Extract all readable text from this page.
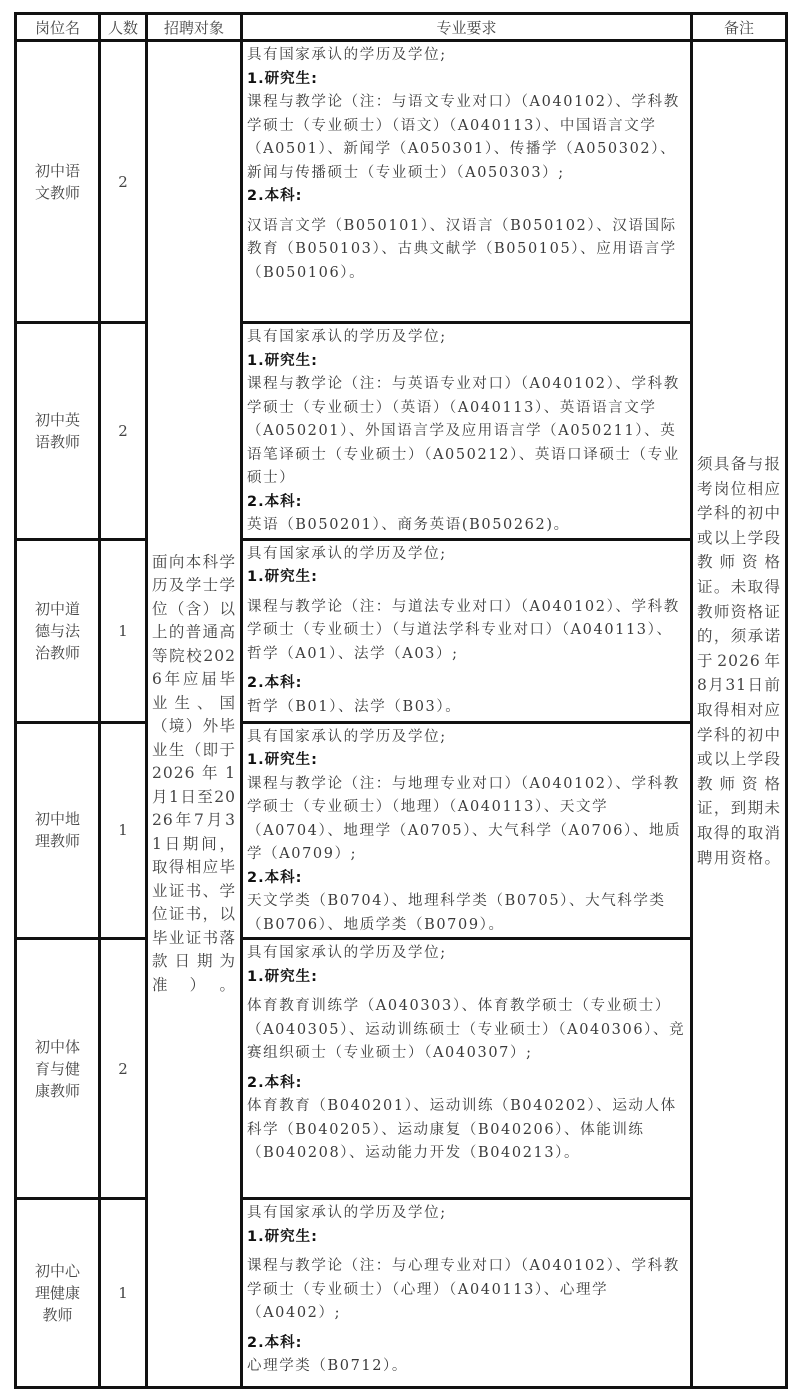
岗位名	人数	招聘对象	专业要求	备注
初中语文教师	2	面向本科学历及学士学位（含）以上的普通高等院校2026年应届毕业生、国（境）外毕业生（即于2026年1月1日至2026年7月31日期间，取得相应毕业证书、学位证书，以毕业证书落款日期为准）。	具有国家承认的学历及学位;
1.研究生:
课程与教学论（注：与语文专业对口）（A040102）、学科教学硕士（专业硕士）（语文）（A040113）、中国语言文学（A0501）、新闻学（A050301）、传播学（A050302）、新闻与传播硕士（专业硕士）（A050303）;
2.本科:
汉语言文学（B050101）、汉语言（B050102）、汉语国际教育（B050103）、古典文献学（B050105）、应用语言学（B050106）。	须具备与报考岗位相应学科的初中或以上学段教师资格证。未取得教师资格证的，须承诺于2026年8月31日前取得相对应学科的初中或以上学段教师资格证，到期未取得的取消聘用资格。

初中英语教师	2		具有国家承认的学历及学位;
1.研究生:
课程与教学论（注：与英语专业对口）（A040102）、学科教学硕士（专业硕士）（英语）（A040113）、英语语言文学（A050201）、外国语言学及应用语言学（A050211）、英语笔译硕士（专业硕士）（A050212）、英语口译硕士（专业硕士）
2.本科:
英语（B050201）、商务英语(B050262)。	

初中道德与法治教师	1		具有国家承认的学历及学位;
1.研究生:
课程与教学论（注：与道法专业对口）（A040102）、学科教学硕士（专业硕士）（与道法学科专业对口）（A040113）、哲学（A01）、法学（A03）;
2.本科:
哲学（B01）、法学（B03）。	

初中地理教师	1		具有国家承认的学历及学位;
1.研究生:
课程与教学论（注：与地理专业对口）（A040102）、学科教学硕士（专业硕士）（地理）（A040113）、天文学（A0704）、地理学（A0705）、大气科学（A0706）、地质学（A0709）;
2.本科:
天文学类（B0704）、地理科学类（B0705）、大气科学类（B0706）、地质学类（B0709）。	

初中体育与健康教师	2		具有国家承认的学历及学位;
1.研究生:
体育教育训练学（A040303）、体育教学硕士（专业硕士）（A040305）、运动训练硕士（专业硕士）（A040306）、竞赛组织硕士（专业硕士）（A040307）;
2.本科:
体育教育（B040201）、运动训练（B040202）、运动人体科学（B040205）、运动康复（B040206）、体能训练（B040208）、运动能力开发（B040213）。	

初中心理健康教师	1		具有国家承认的学历及学位;
1.研究生:
课程与教学论（注：与心理专业对口）（A040102）、学科教学硕士（专业硕士）（心理）（A040113）、心理学（A0402）;
2.本科:
心理学类（B0712）。	
